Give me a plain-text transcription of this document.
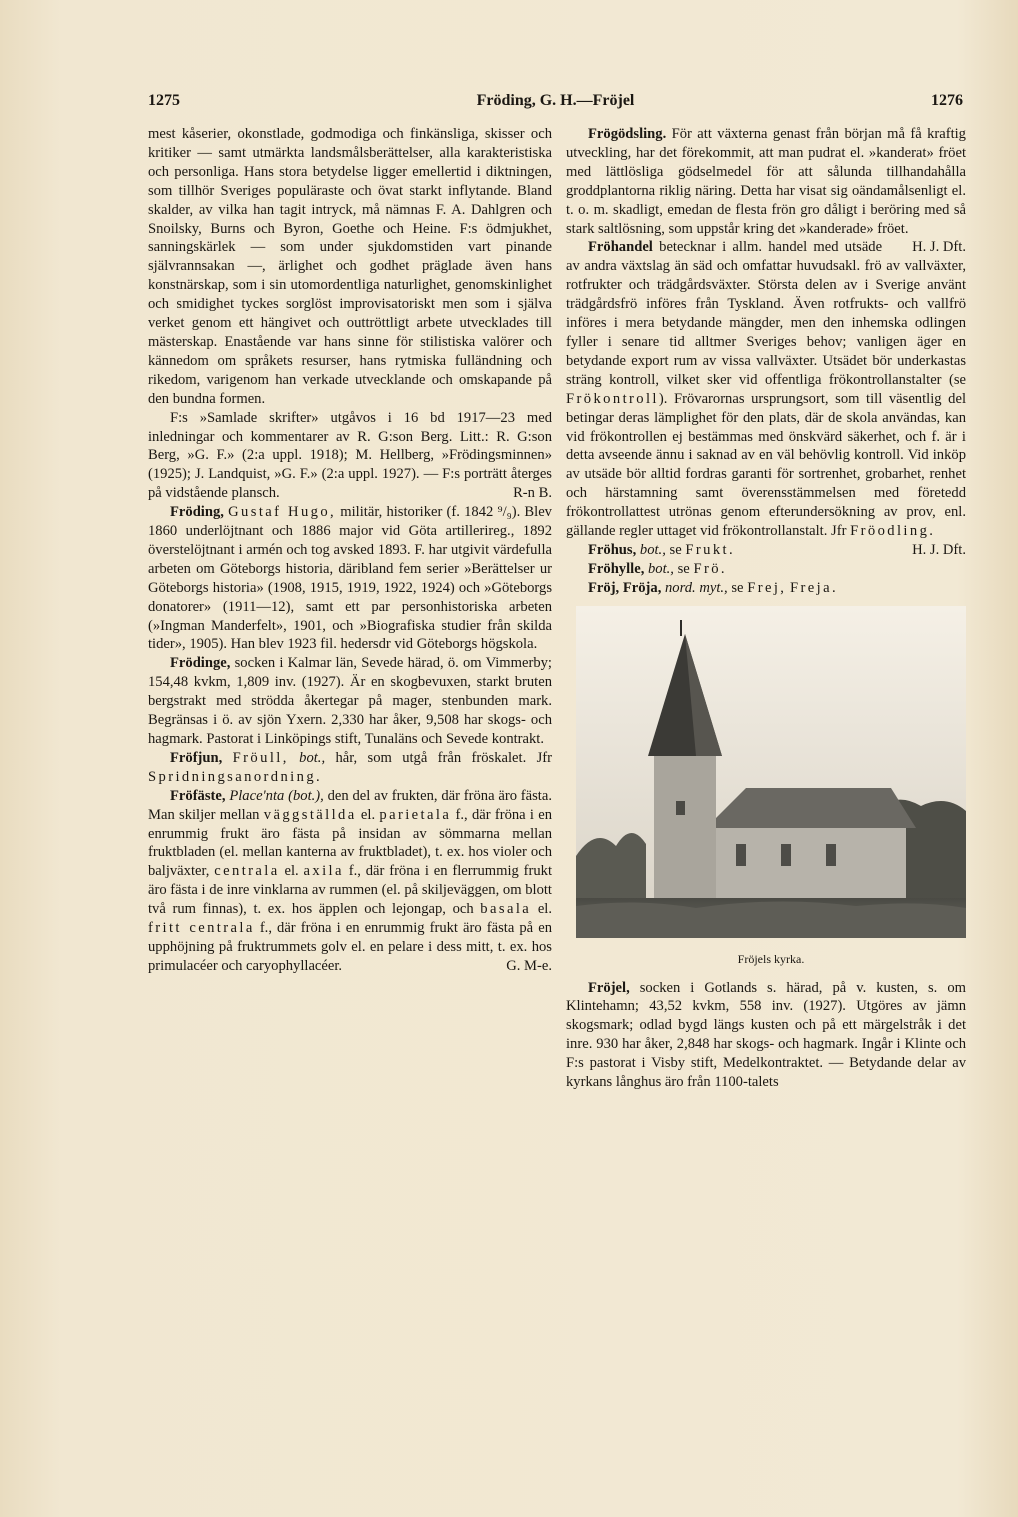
1275	Fröding, G. H.—Fröjel	1276

mest kåserier, okonstlade, godmodiga och finkänsliga, skisser och kritiker — samt utmärkta landsmålsberättelser, alla karakteristiska och personliga. Hans stora betydelse ligger emellertid i diktningen, som tillhör Sveriges populäraste och övat starkt inflytande. Bland skalder, av vilka han tagit intryck, må nämnas F. A. Dahlgren och Snoilsky, Burns och Byron, Goethe och Heine. F:s ödmjukhet, sanningskärlek — som under sjukdomstiden vart pinande självrannsakan —, ärlighet och godhet präglade även hans konstnärskap, som i sin utomordentliga naturlighet, genomskinlighet och smidighet tyckes sorglöst improvisatoriskt men som i själva verket genom ett hängivet och outtröttligt arbete utvecklades till mästerskap. Enastående var hans sinne för stilistiska valörer och kännedom om språkets resurser, hans rytmiska fulländning och rikedom, varigenom han verkade utvecklande och omskapande på den bundna formen.

F:s »Samlade skrifter» utgåvos i 16 bd 1917—23 med inledningar och kommentarer av R. G:son Berg. Litt.: R. G:son Berg, »G. F.» (2:a uppl. 1918); M. Hellberg, »Frödingsminnen» (1925); J. Landquist, »G. F.» (2:a uppl. 1927). — F:s porträtt återges på vidstående plansch.	R-n B.

Fröding, Gustaf Hugo, militär, historiker (f. 1842 ⁹/₉). Blev 1860 underlöjtnant och 1886 major vid Göta artillerireg., 1892 överstelöjtnant i armén och tog avsked 1893. F. har utgivit värdefulla arbeten om Göteborgs historia, däribland fem serier »Berättelser ur Göteborgs historia» (1908, 1915, 1919, 1922, 1924) och »Göteborgs donatorer» (1911—12), samt ett par personhistoriska arbeten (»Ingman Manderfelt», 1901, och »Biografiska studier från skilda tider», 1905). Han blev 1923 fil. hedersdr vid Göteborgs högskola.

Frödinge, socken i Kalmar län, Sevede härad, ö. om Vimmerby; 154,48 kvkm, 1,809 inv. (1927). Är en skogbevuxen, starkt bruten bergstrakt med strödda åkertegar på mager, stenbunden mark. Begränsas i ö. av sjön Yxern. 2,330 har åker, 9,508 har skogs- och hagmark. Pastorat i Linköpings stift, Tunaläns och Sevede kontrakt.

Fröfjun, Fröull, bot., hår, som utgå från fröskalet. Jfr Spridningsanordning.

Fröfäste, Place'nta (bot.), den del av frukten, där fröna äro fästa. Man skiljer mellan väggställda el. parietala f., där fröna i en enrummig frukt äro fästa på insidan av sömmarna mellan fruktbladen (el. mellan kanterna av fruktbladet), t. ex. hos violer och baljväxter, centrala el. axila f., där fröna i en flerrummig frukt äro fästa i de inre vinklarna av rummen (el. på skiljeväggen, om blott två rum finnas), t. ex. hos äpplen och lejongap, och basala el. fritt centrala f., där fröna i en enrummig frukt äro fästa på en upphöjning på fruktrummets golv el. en pelare i dess mitt, t. ex. hos primulacéer och caryophyllacéer.	G. M-e.

Frögödsling. För att växterna genast från början må få kraftig utveckling, har det förekommit, att man pudrat el. »kanderat» fröet med lättlösliga gödselmedel för att sålunda tillhandahålla groddplantorna riklig näring. Detta har visat sig oändamålsenligt el. t. o. m. skadligt, emedan de flesta frön gro dåligt i beröring med så stark saltlösning, som uppstår kring det »kanderade» fröet.
H. J. Dft.

Fröhandel betecknar i allm. handel med utsäde av andra växtslag än säd och omfattar huvudsakl. frö av vallväxter, rotfrukter och trädgårdsväxter. Största delen av i Sverige använt trädgårdsfrö införes från Tyskland. Även rotfrukts- och vallfrö införes i mera betydande mängder, men den inhemska odlingen fyller i senare tid alltmer Sveriges behov; vanligen äger en betydande export rum av vissa vallväxter. Utsädet bör underkastas sträng kontroll, vilket sker vid offentliga frökontrollanstalter (se Frökontroll). Frövarornas ursprungsort, som till väsentlig del betingar deras lämplighet för den plats, där de skola användas, kan vid frökontrollen ej bestämmas med önskvärd säkerhet, och f. är i detta avseende ännu i saknad av en väl behövlig kontroll. Vid inköp av utsäde bör alltid fordras garanti för sortrenhet, grobarhet, renhet och härstamning samt överensstämmelsen med företedd frökontrollattest utrönas genom efterundersökning av prov, enl. gällande regler uttaget vid frökontrollanstalt. Jfr Fröodling.
H. J. Dft.

Fröhus, bot., se Frukt.

Fröhylle, bot., se Frö.

Fröj, Fröja, nord. myt., se Frej, Freja.

Fröjels kyrka.

Fröjel, socken i Gotlands s. härad, på v. kusten, s. om Klintehamn; 43,52 kvkm, 558 inv. (1927). Utgöres av jämn skogsmark; odlad bygd längs kusten och på ett märgelstråk i det inre. 930 har åker, 2,848 har skogs- och hagmark. Ingår i Klinte och F:s pastorat i Visby stift, Medelkontraktet. — Betydande delar av kyrkans långhus äro från 1100-talets
